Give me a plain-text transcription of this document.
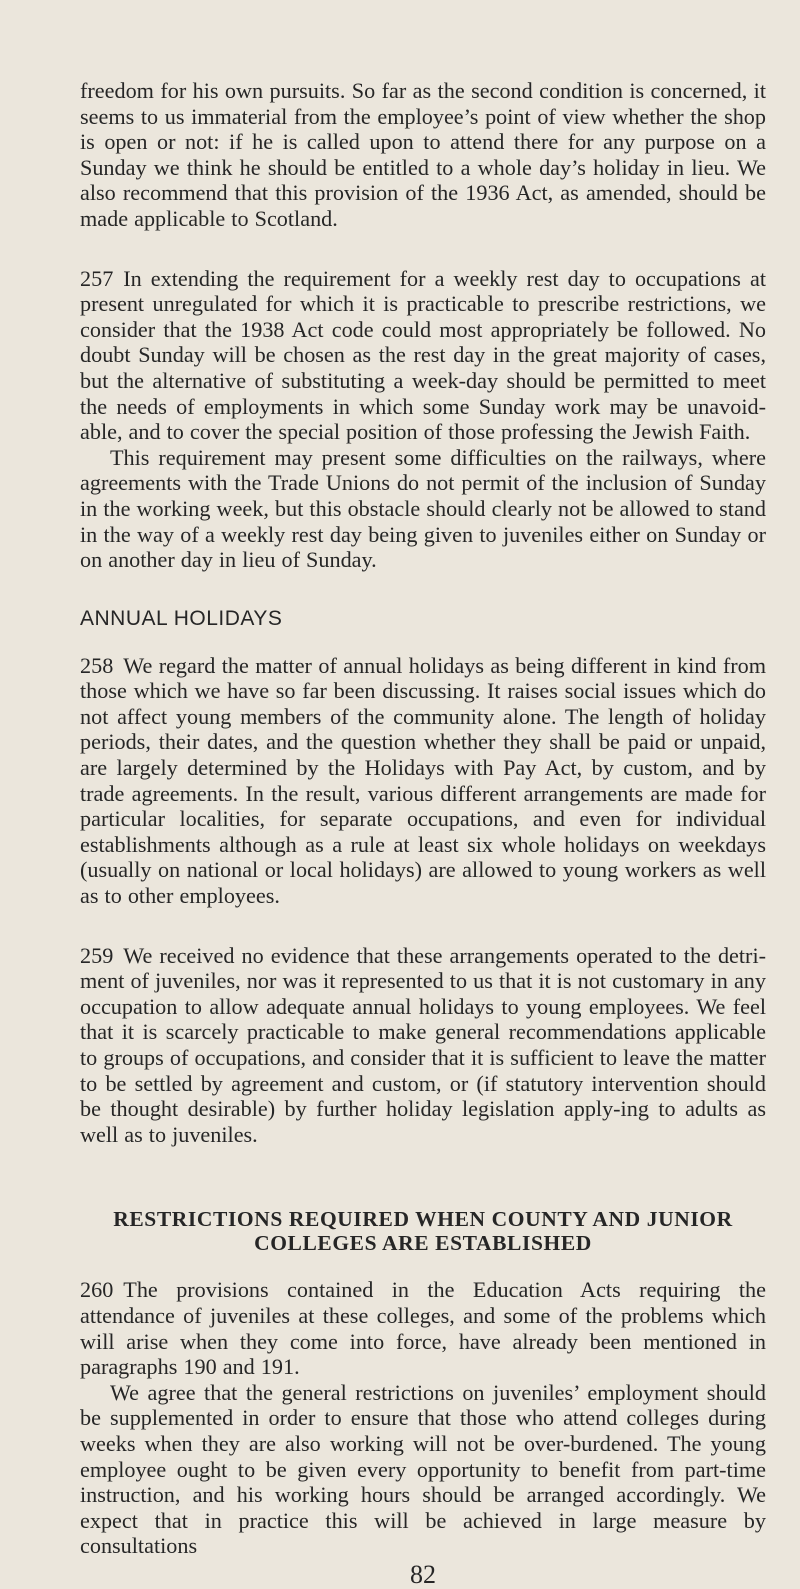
freedom for his own pursuits. So far as the second condition is concerned, it seems to us immaterial from the employee’s point of view whether the shop is open or not: if he is called upon to attend there for any purpose on a Sunday we think he should be entitled to a whole day’s holiday in lieu. We also recommend that this provision of the 1936 Act, as amended, should be made applicable to Scotland.

257 In extending the requirement for a weekly rest day to occupations at present unregulated for which it is practicable to prescribe restrictions, we consider that the 1938 Act code could most appropriately be followed. No doubt Sunday will be chosen as the rest day in the great majority of cases, but the alternative of substituting a week-day should be permitted to meet the needs of employments in which some Sunday work may be unavoid-able, and to cover the special position of those professing the Jewish Faith.

This requirement may present some difficulties on the railways, where agreements with the Trade Unions do not permit of the inclusion of Sunday in the working week, but this obstacle should clearly not be allowed to stand in the way of a weekly rest day being given to juveniles either on Sunday or on another day in lieu of Sunday.

ANNUAL HOLIDAYS

258 We regard the matter of annual holidays as being different in kind from those which we have so far been discussing. It raises social issues which do not affect young members of the community alone. The length of holiday periods, their dates, and the question whether they shall be paid or unpaid, are largely determined by the Holidays with Pay Act, by custom, and by trade agreements. In the result, various different arrangements are made for particular localities, for separate occupations, and even for individual establishments although as a rule at least six whole holidays on weekdays (usually on national or local holidays) are allowed to young workers as well as to other employees.

259 We received no evidence that these arrangements operated to the detri-ment of juveniles, nor was it represented to us that it is not customary in any occupation to allow adequate annual holidays to young employees. We feel that it is scarcely practicable to make general recommendations applicable to groups of occupations, and consider that it is sufficient to leave the matter to be settled by agreement and custom, or (if statutory intervention should be thought desirable) by further holiday legislation apply-ing to adults as well as to juveniles.

RESTRICTIONS REQUIRED WHEN COUNTY AND JUNIOR
COLLEGES ARE ESTABLISHED

260 The provisions contained in the Education Acts requiring the attendance of juveniles at these colleges, and some of the problems which will arise when they come into force, have already been mentioned in paragraphs 190 and 191.

We agree that the general restrictions on juveniles’ employment should be supplemented in order to ensure that those who attend colleges during weeks when they are also working will not be over-burdened. The young employee ought to be given every opportunity to benefit from part-time instruction, and his working hours should be arranged accordingly. We expect that in practice this will be achieved in large measure by consultations

82
